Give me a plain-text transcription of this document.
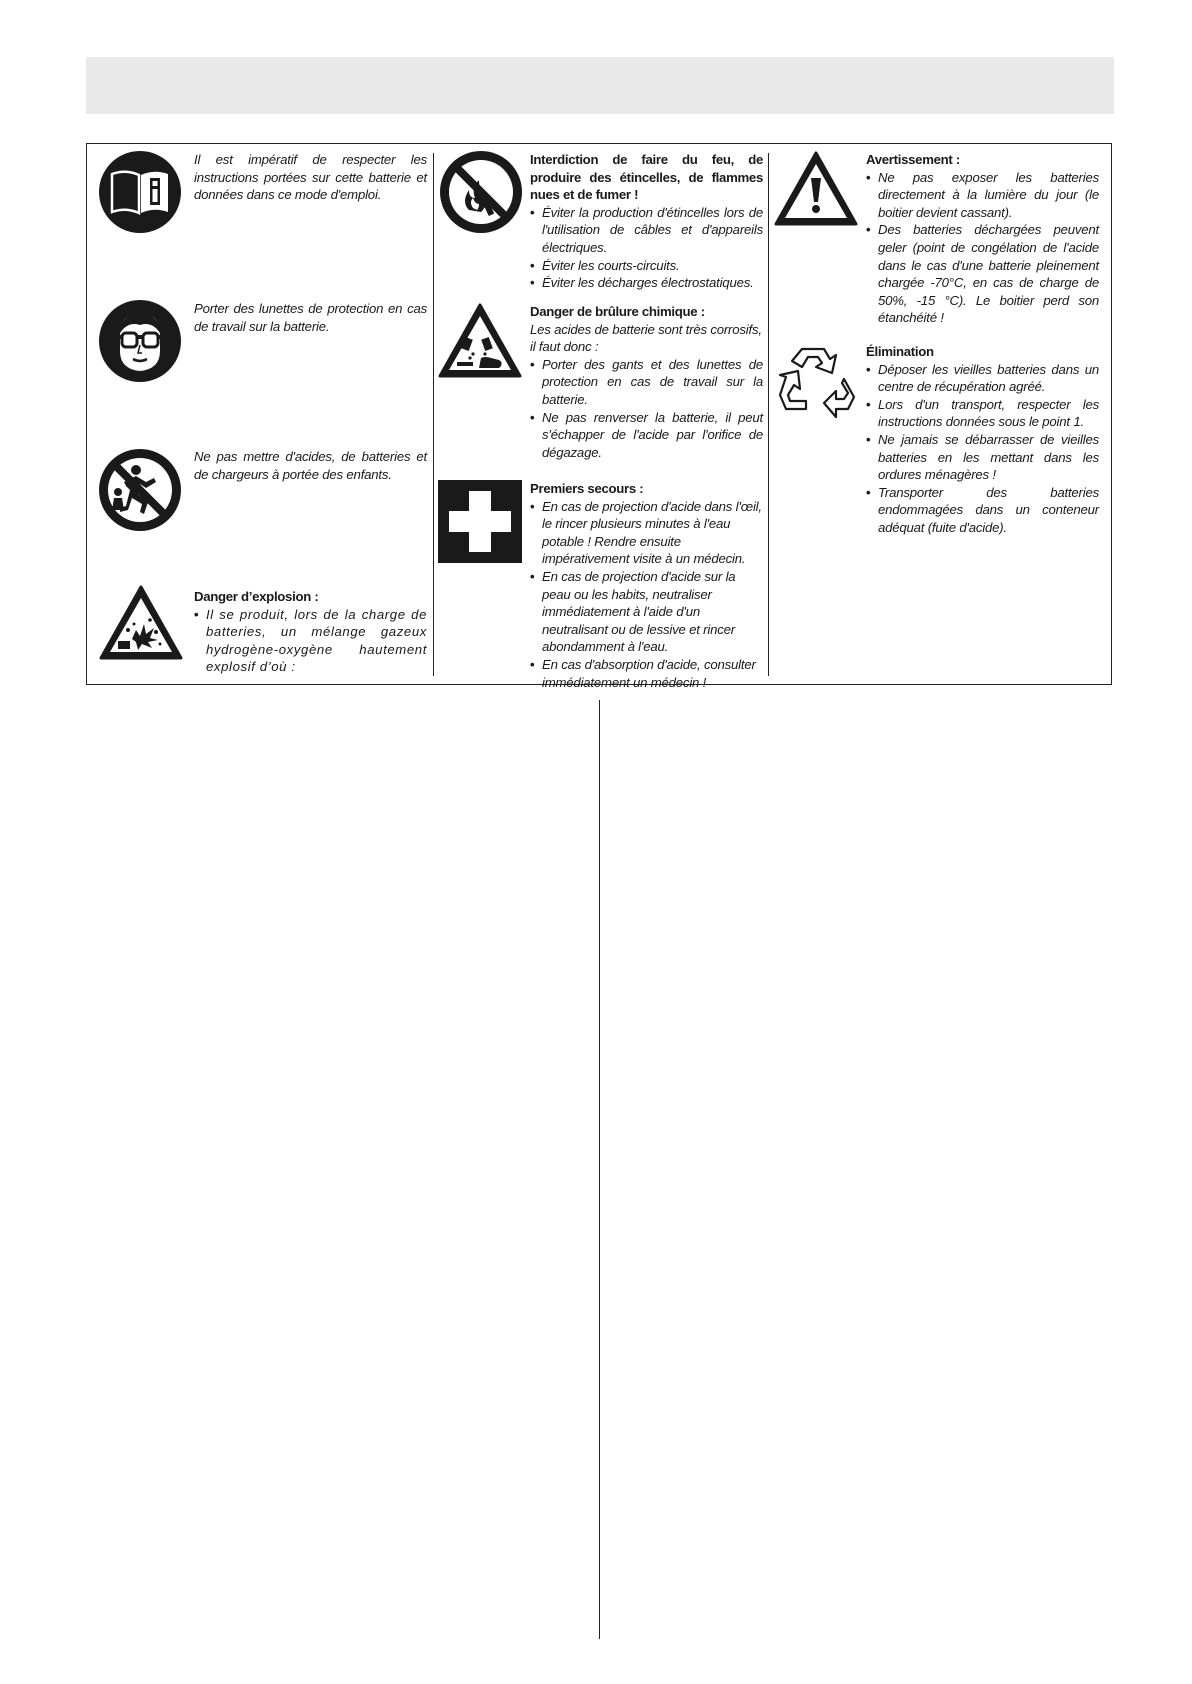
Il est impératif de respecter les instructions portées sur cette batterie et données dans ce mode d'emploi.

Porter des lunettes de protection en cas de travail sur la batterie.

Ne pas mettre d'acides, de batteries et de chargeurs à portée des enfants.

Danger d’explosion :
• Il se produit, lors de la charge de batteries, un mélange gazeux hydrogène-oxygène hautement explosif d’où :
Interdiction de faire du feu, de produire des étincelles, de flammes nues et de fumer !
• Éviter la production d'étincelles lors de l'utilisation de câbles et d'appareils électriques.
• Éviter les courts-circuits.
• Éviter les décharges électrostatiques.
Danger de brûlure chimique :

Les acides de batterie sont très corrosifs, il faut donc :

• Porter des gants et des lunettes de protection en cas de travail sur la batterie.
• Ne pas renverser la batterie, il peut s'échapper de l'acide par l'orifice de dégazage.
Premiers secours :
• En cas de projection d'acide dans l'œil, le rincer plusieurs minutes à l'eau potable ! Rendre ensuite impérativement visite à un médecin.
• En cas de projection d'acide sur la peau ou les habits, neutraliser immédiatement à l'aide d'un neutralisant ou de lessive et rincer abondamment à l'eau.
• En cas d'absorption d'acide, consulter immédiatement un médecin !
Avertissement :
• Ne pas exposer les batteries directement à la lumière du jour (le boitier devient cassant).
• Des batteries déchargées peuvent geler (point de congélation de l'acide dans le cas d'une batterie pleinement chargée -70°C, en cas de charge de 50%, -15 °C). Le boitier perd son étanchéité !
Élimination
• Déposer les vieilles batteries dans un centre de récupération agréé.
• Lors d'un transport, respecter les instructions données sous le point 1.
• Ne jamais se débarrasser de vieilles batteries en les mettant dans les ordures ménagères !
• Transporter des batteries endommagées dans un conteneur adéquat (fuite d'acide).
